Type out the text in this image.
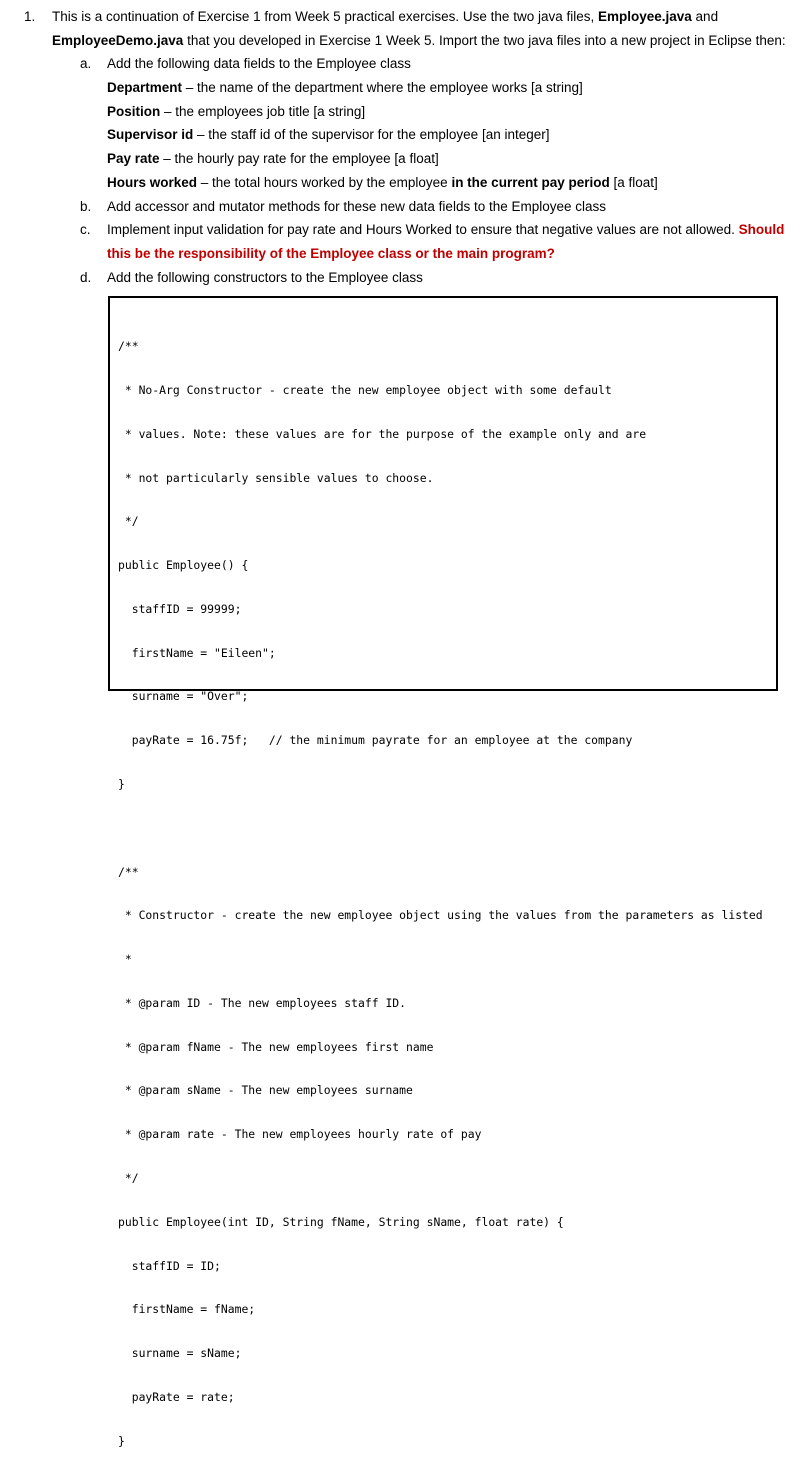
1. This is a continuation of Exercise 1 from Week 5 practical exercises. Use the two java files, Employee.java and
EmployeeDemo.java that you developed in Exercise 1 Week 5. Import the two java files into a new project in Eclipse then:
a. Add the following data fields to the Employee class
Department – the name of the department where the employee works [a string]
Position – the employees job title [a string]
Supervisor id – the staff id of the supervisor for the employee [an integer]
Pay rate – the hourly pay rate for the employee [a float]
Hours worked – the total hours worked by the employee in the current pay period [a float]
b. Add accessor and mutator methods for these new data fields to the Employee class
c. Implement input validation for pay rate and Hours Worked to ensure that negative values are not allowed. Should
this be the responsibility of the Employee class or the main program?
d. Add the following constructors to the Employee class

/**

* No-Arg Constructor - create the new employee object with some default

* values. Note: these values are for the purpose of the example only and are

* not particularly sensible values to choose.

*/

public Employee() {

staffID = 99999;

firstName = "Eileen";

surname = "Over";

payRate = 16.75f;   // the minimum payrate for an employee at the company

}

/**

* Constructor - create the new employee object using the values from the parameters as listed

*

* @param ID - The new employees staff ID.

* @param fName - The new employees first name

* @param sName - The new employees surname

* @param rate - The new employees hourly rate of pay

*/

public Employee(int ID, String fName, String sName, float rate) {

staffID = ID;

firstName = fName;

surname = sName;

payRate = rate;

}
